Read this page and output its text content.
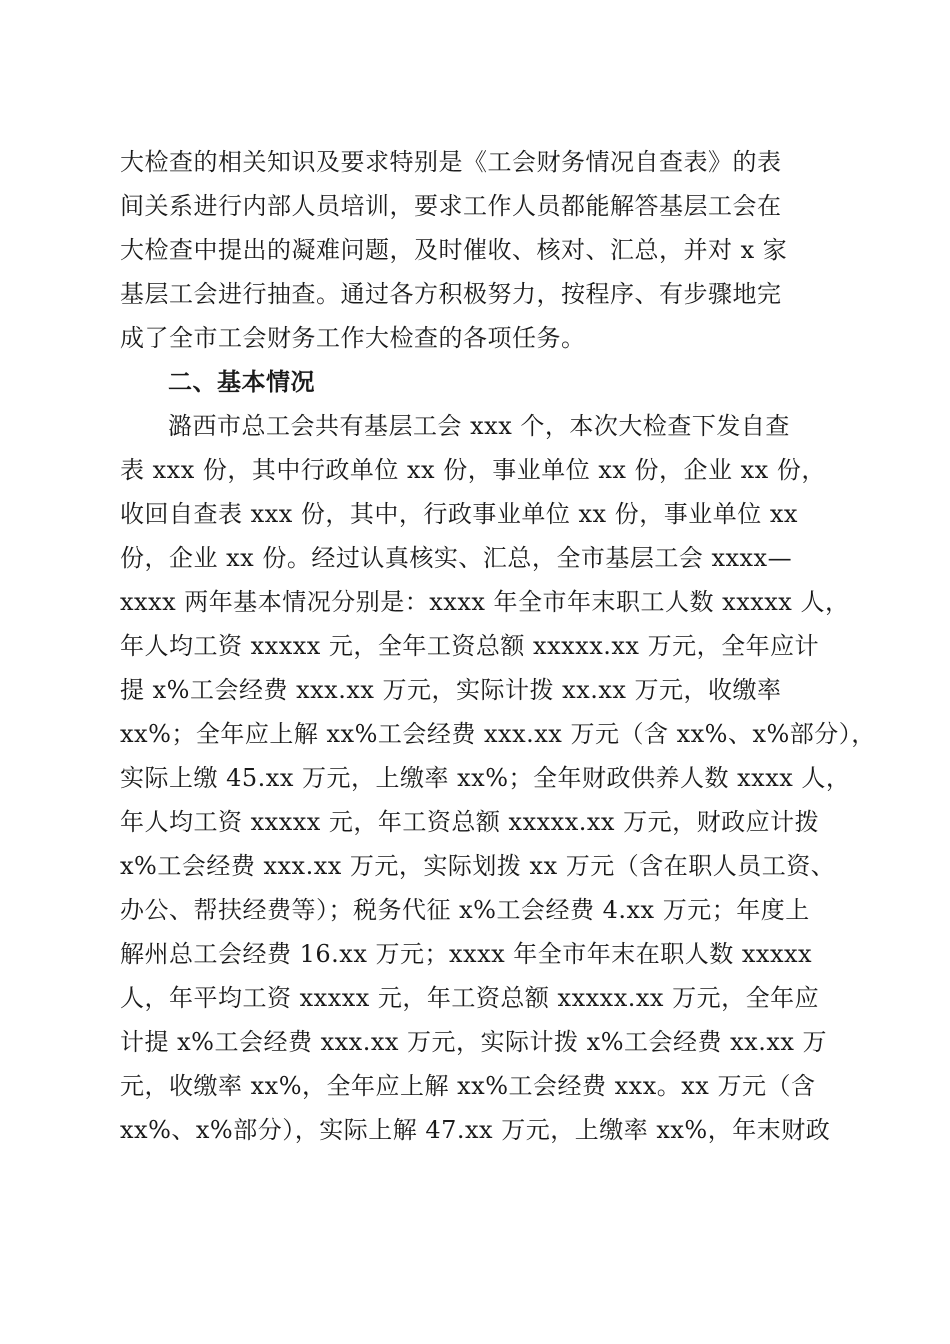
大检查的相关知识及要求特别是《工会财务情况自查表》的表
间关系进行内部人员培训，要求工作人员都能解答基层工会在
大检查中提出的凝难问题，及时催收、核对、汇总，并对 x 家
基层工会进行抽查。通过各方积极努力，按程序、有步骤地完
成了全市工会财务工作大检查的各项任务。
二、基本情况
潞西市总工会共有基层工会 xxx 个，本次大检查下发自查
表 xxx 份，其中行政单位 xx 份，事业单位 xx 份，企业 xx 份，
收回自查表 xxx 份，其中，行政事业单位 xx 份，事业单位 xx
份，企业 xx 份。经过认真核实、汇总，全市基层工会 xxxx—
xxxx 两年基本情况分别是：xxxx 年全市年末职工人数 xxxxx 人，
年人均工资 xxxxx 元，全年工资总额 xxxxx.xx 万元，全年应计
提 x%工会经费 xxx.xx 万元，实际计拨 xx.xx 万元，收缴率
xx%；全年应上解 xx%工会经费 xxx.xx 万元（含 xx%、x%部分），
实际上缴 45.xx 万元，上缴率 xx%；全年财政供养人数 xxxx 人，
年人均工资 xxxxx 元，年工资总额 xxxxx.xx 万元，财政应计拨
x%工会经费 xxx.xx 万元，实际划拨 xx 万元（含在职人员工资、
办公、帮扶经费等）；税务代征 x%工会经费 4.xx 万元；年度上
解州总工会经费 16.xx 万元；xxxx 年全市年末在职人数 xxxxx
人，年平均工资 xxxxx 元，年工资总额 xxxxx.xx 万元，全年应
计提 x%工会经费 xxx.xx 万元，实际计拨 x%工会经费 xx.xx 万
元，收缴率 xx%，全年应上解 xx%工会经费 xxx。xx 万元（含
xx%、x%部分），实际上解 47.xx 万元，上缴率 xx%，年末财政
